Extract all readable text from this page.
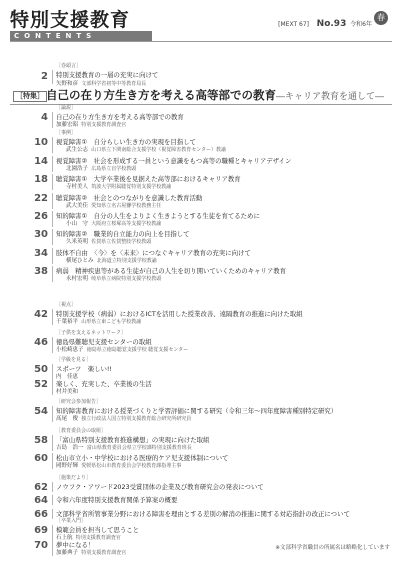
特別支援教育
CONTENTS
[MEXT 67] No.93 令和6年
春
［巻頭言］
2 特別支援教育の一層の充実に向けて
矢野和彦 文部科学省初等中等教育局長
［特集］ 自己の在り方生き方を考える高等部での教育―キャリア教育を通して―
［論説］
4 自己の在り方生き方を考える高等部での教育
加藤宏昭 特別支援教育調査官
［事例］
10 視覚障害①　自分らしい生き方の実現を目指して
武生公志 山口県立下関南総合支援学校（視覚障害教育センター）教諭
14 視覚障害②　社会を形成する一員という意識をもつ高等の職種とキャリアデザイン
北園浩子 広島県立盲学校教頭
18 聴覚障害①　大学卒業後を見据えた高等部におけるキャリア教育
寺村美人 筑波大学附属聴覚特別支援学校教諭
22 聴覚障害②　社会とのつながりを意識した教育活動
武大美佳 愛知県立名古屋聾学校教務主任
26 知的障害①　自分の人生をよりよく生きようとする生徒を育てるために
小山　守 大阪府立桜塚高等支援学校教諭
30 知的障害②　職業的自立能力の向上を目指して
久米英明 佐賀県立佐賀整肢学校教頭
34 肢体不自由　〈今〉を〈未来〉につなぐキャリア教育の充実に向けて
横尾ひとみ 北海道立特別支援学校教諭
38 病弱　精神疾患等がある生徒が自己の人生を切り開いていくためのキャリア教育
永村宏明 岐阜県立病院特別支援学校教頭
［視点］
42 特別支援学校（病弱）におけるICTを活用した授業改善、遠隔教育の推進に向けた取組
千葉裕平 山形県立東こども学校教諭
［子供を支えるネットワーク］
46 徳島県難聴児支援センターの取組
小松崎恵子 徳島県立徳島聴覚支援学校 聴覚支援センター
［学級を見る］
50 スポーツ　楽しい!!
内　佳恵
52 楽しく、充実した、卒業後の生活
村井美和
［研究会参加報告］
54 知的障害教育における授業づくりと学習評価に関する研究（令和三年～四年度障害種別特定研究）
髙尾　俊 独立行政法人国立特別支援教育総合研究所研究員
［教育委員会の取組］
58 「富山県特別支援教育推進構想」の実現に向けた取組
吉島　浩一 富山県教育委員会県立学校課特別支援教育班長
60 松山市立小・中学校における医療的ケア児支援体制について
岡野好輝 愛媛県松山市教育委員会学校教育課指導主事
［施策だより］
62 ノウフク・アワード2023受賞団体の企業及び教育研究会の発表について
64 令和六年度特別支援教育関係予算案の概要
66 文部科学省所管事業分野における障害を理由とする差別の解消の推進に関する対応指針の改正について
［卒業入門］
69 模範会員を担当して思うこと
石上航 特別支援教育調査官
70 夢中になる！
加藤典子 特別支援教育調査官
※文部科学省職員の所属名は略略化しています
